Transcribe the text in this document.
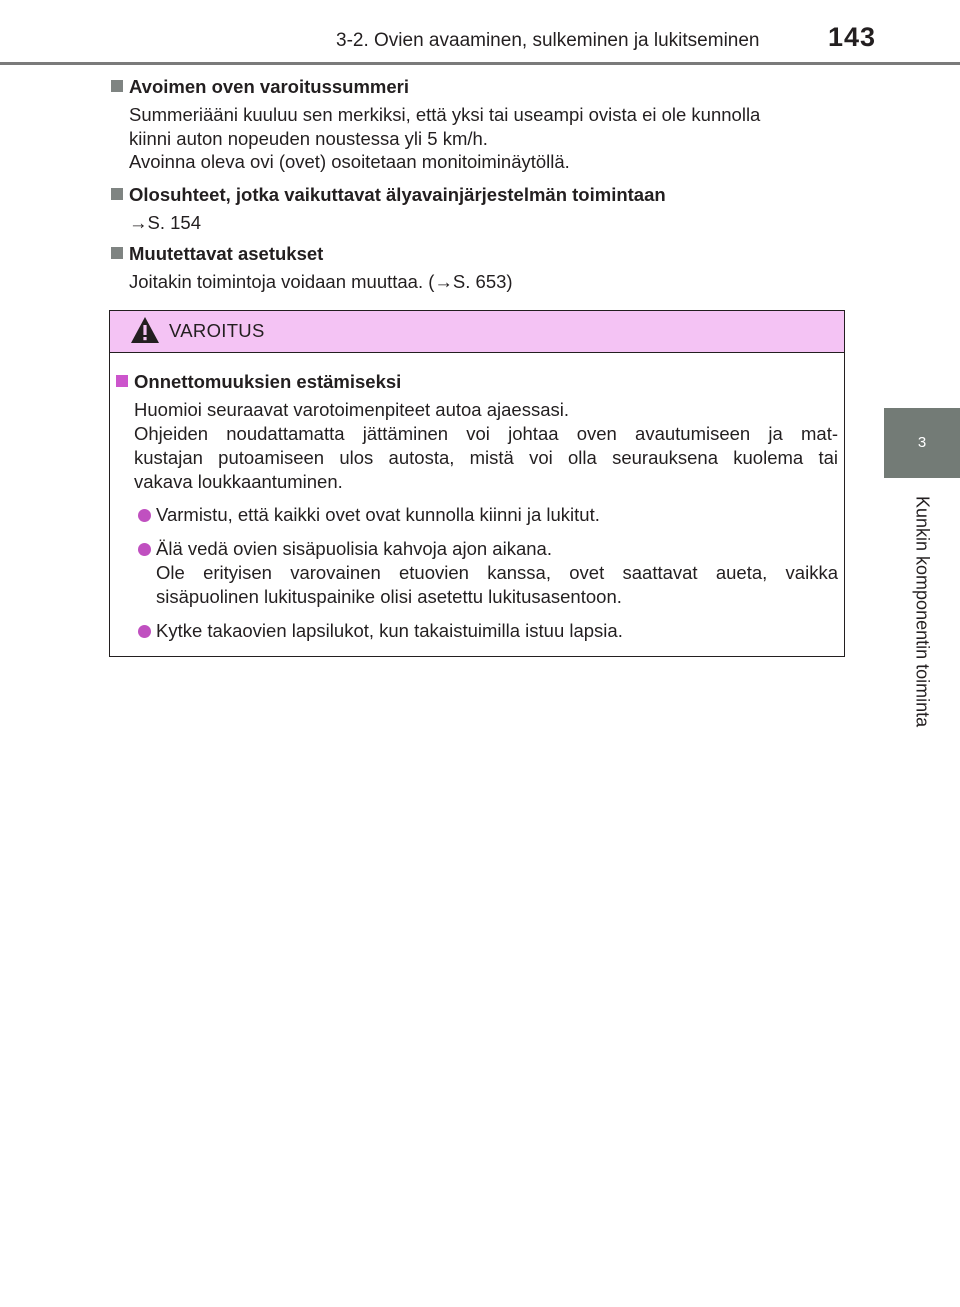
3-2. Ovien avaaminen, sulkeminen ja lukitseminen	143
3
Kunkin komponentin toiminta
Avoimen oven varoitussummeri
Summeriääni kuuluu sen merkiksi, että yksi tai useampi ovista ei ole kunnolla
kiinni auton nopeuden noustessa yli 5 km/h.
Avoinna oleva ovi (ovet) osoitetaan monitoiminäytöllä.
Olosuhteet, jotka vaikuttavat älyavainjärjestelmän toimintaan
→S. 154
Muutettavat asetukset
Joitakin toimintoja voidaan muuttaa. (→S. 653)
VAROITUS
Onnettomuuksien estämiseksi
Huomioi seuraavat varotoimenpiteet autoa ajaessasi.
Ohjeiden noudattamatta jättäminen voi johtaa oven avautumiseen ja mat-
kustajan putoamiseen ulos autosta, mistä voi olla seurauksena kuolema tai
vakava loukkaantuminen.
Varmistu, että kaikki ovet ovat kunnolla kiinni ja lukitut.
Älä vedä ovien sisäpuolisia kahvoja ajon aikana.
Ole erityisen varovainen etuovien kanssa, ovet saattavat aueta, vaikka
sisäpuolinen lukituspainike olisi asetettu lukitusasentoon.
Kytke takaovien lapsilukot, kun takaistuimilla istuu lapsia.
